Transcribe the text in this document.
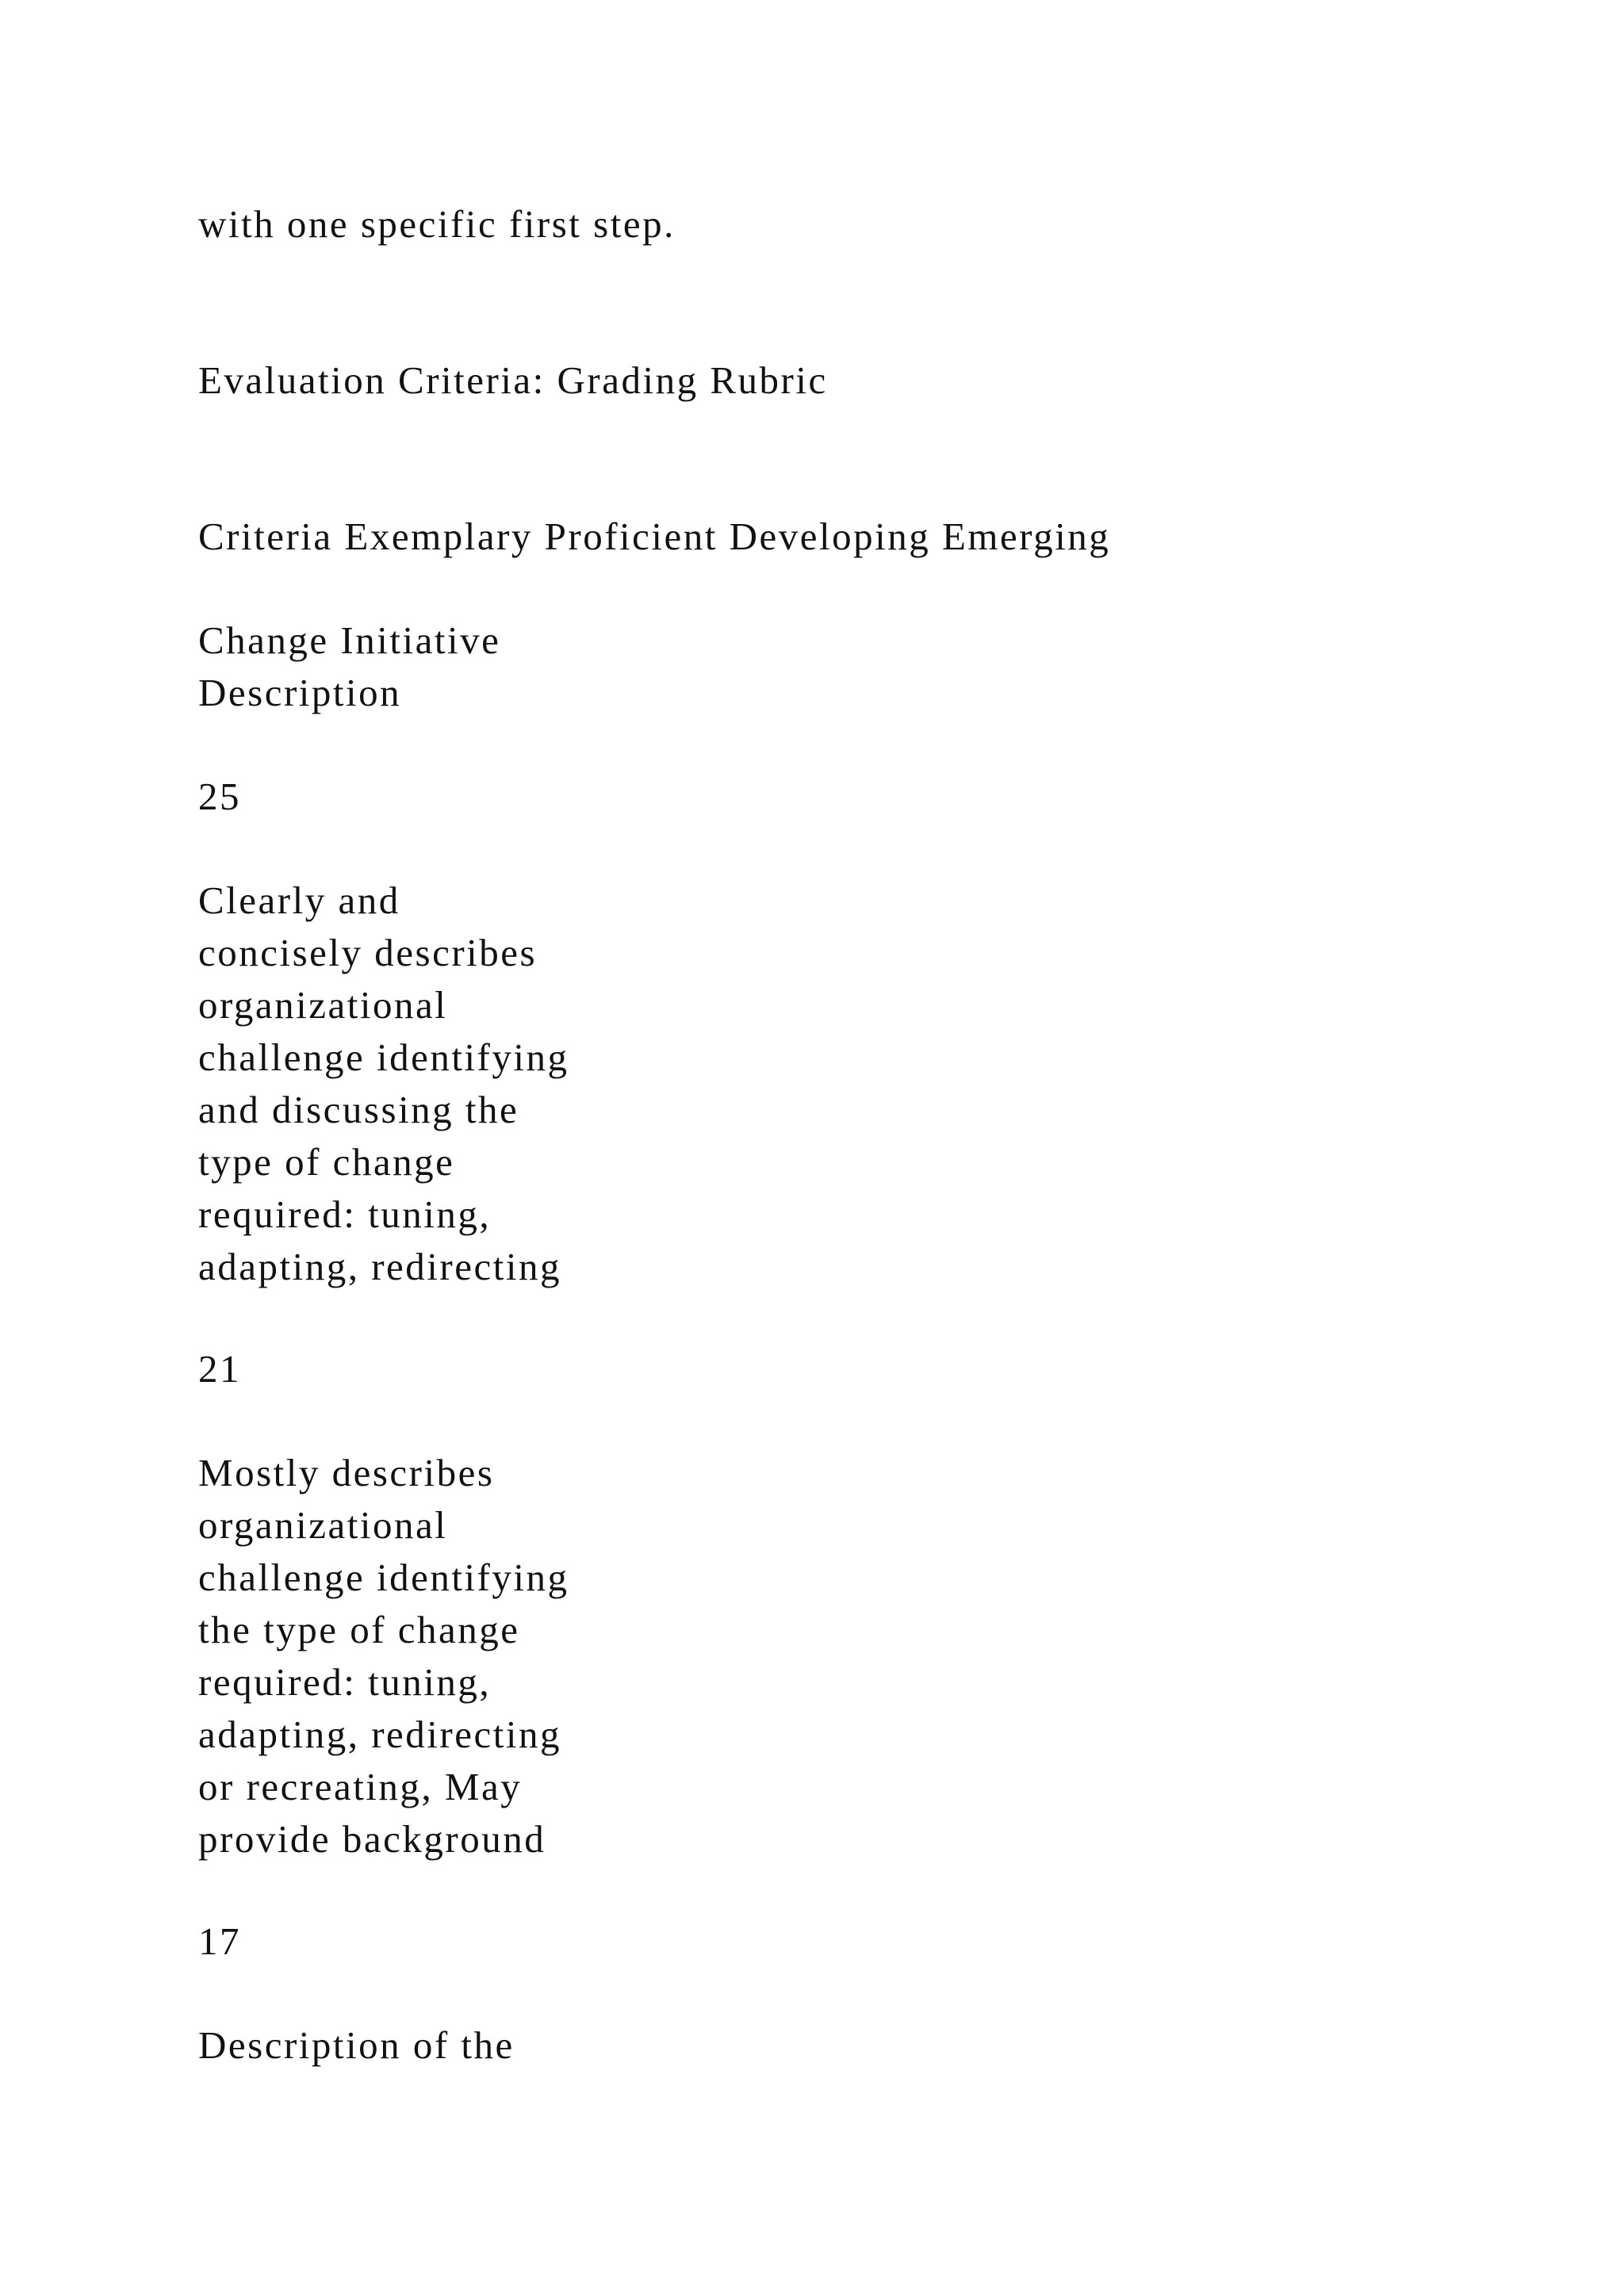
with one specific first step.

Evaluation Criteria: Grading Rubric

Criteria Exemplary Proficient Developing Emerging

Change Initiative
Description

25

Clearly and
concisely describes
organizational
challenge identifying
and discussing the
type of change
required: tuning,
adapting, redirecting

21

Mostly describes
organizational
challenge identifying
the type of change
required: tuning,
adapting, redirecting
or recreating, May
provide background

17

Description of the
